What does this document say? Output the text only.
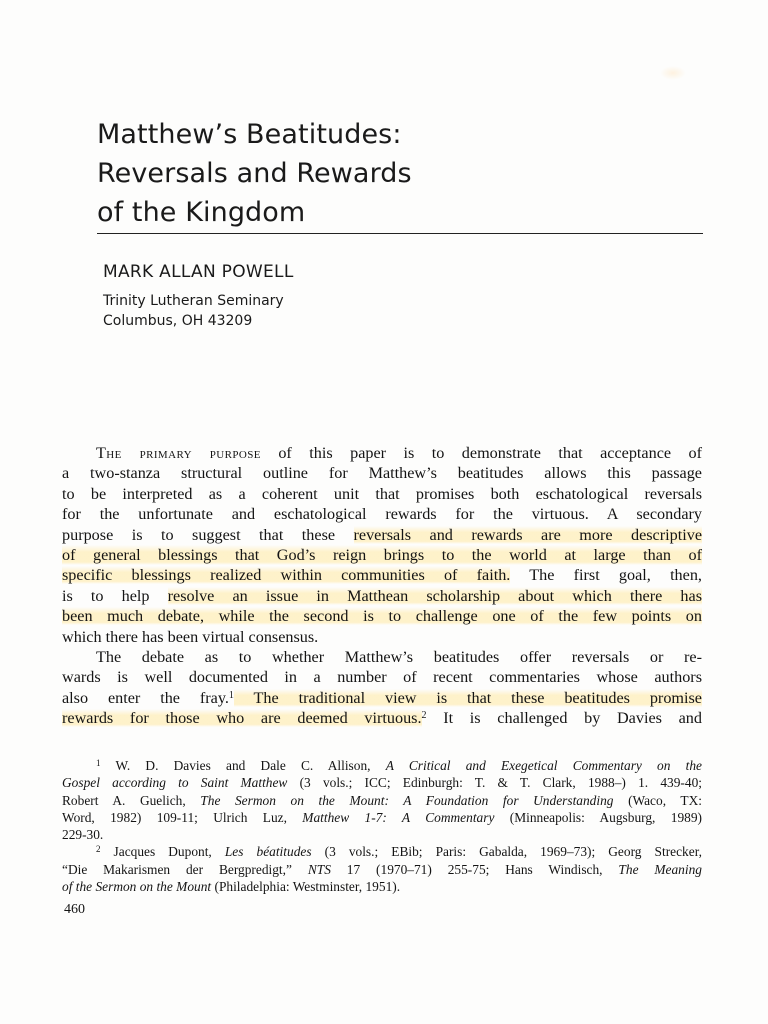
Matthew’s Beatitudes:
Reversals and Rewards
of the Kingdom
MARK ALLAN POWELL
Trinity Lutheran Seminary
Columbus, OH 43209
The primary purpose of this paper is to demonstrate that acceptance of
a two-stanza structural outline for Matthew’s beatitudes allows this passage
to be interpreted as a coherent unit that promises both eschatological reversals
for the unfortunate and eschatological rewards for the virtuous. A secondary
purpose is to suggest that these reversals and rewards are more descriptive
of general blessings that God’s reign brings to the world at large than of
specific blessings realized within communities of faith. The first goal, then,
is to help resolve an issue in Matthean scholarship about which there has
been much debate, while the second is to challenge one of the few points on
which there has been virtual consensus.
The debate as to whether Matthew’s beatitudes offer reversals or re-
wards is well documented in a number of recent commentaries whose authors
also enter the fray.$^1$ The traditional view is that these beatitudes promise
rewards for those who are deemed virtuous.$^2$ It is challenged by Davies and
$^1$ W. D. Davies and Dale C. Allison, A Critical and Exegetical Commentary on the
Gospel according to Saint Matthew (3 vols.; ICC; Edinburgh: T. & T. Clark, 1988–) 1. 439-40;
Robert A. Guelich, The Sermon on the Mount: A Foundation for Understanding (Waco, TX:
Word, 1982) 109-11; Ulrich Luz, Matthew 1-7: A Commentary (Minneapolis: Augsburg, 1989)
229-30.
$^2$ Jacques Dupont, Les béatitudes (3 vols.; EBib; Paris: Gabalda, 1969–73); Georg Strecker,
“Die Makarismen der Bergpredigt,” NTS 17 (1970–71) 255-75; Hans Windisch, The Meaning
of the Sermon on the Mount (Philadelphia: Westminster, 1951).
460
